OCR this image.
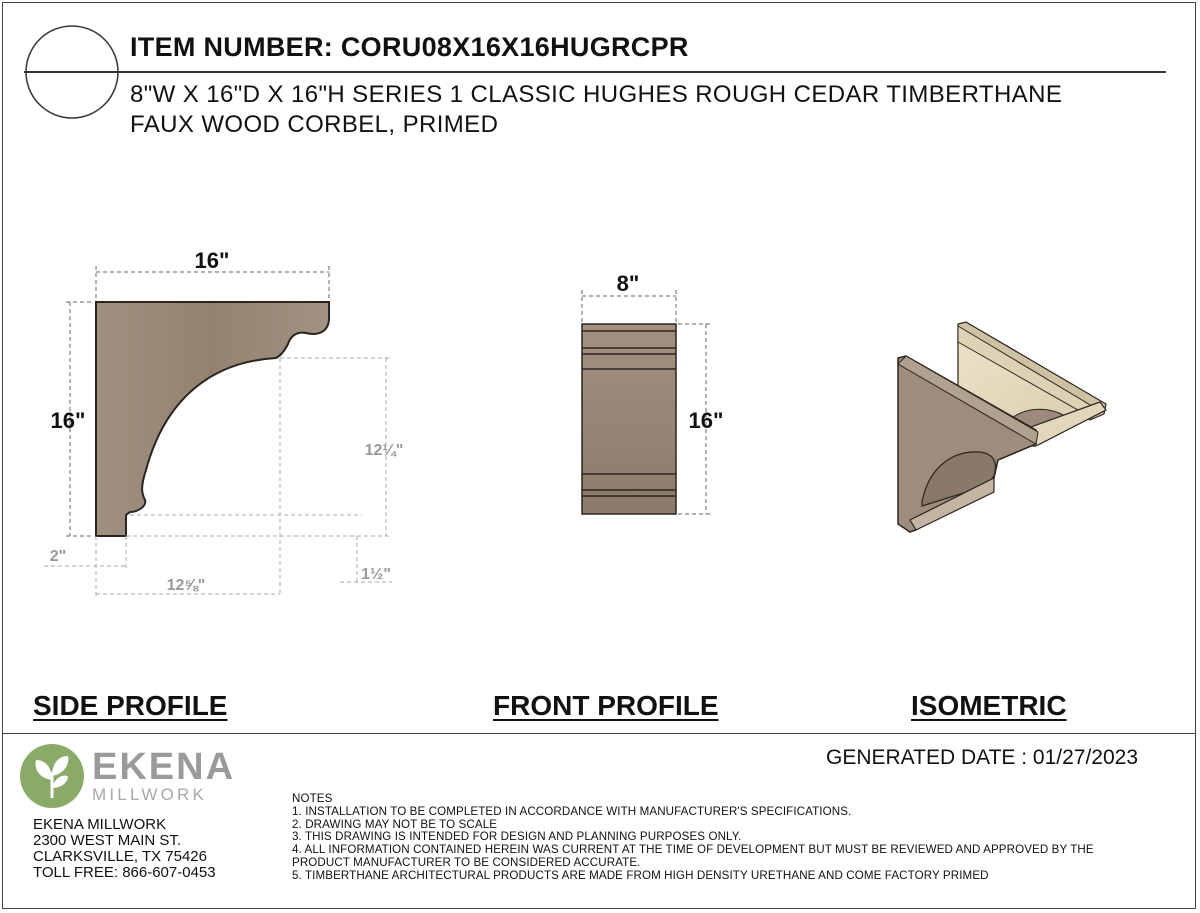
ITEM NUMBER: CORU08X16X16HUGRCPR
8"W X 16"D X 16"H SERIES 1 CLASSIC HUGHES ROUGH CEDAR TIMBERTHANE
FAUX WOOD CORBEL, PRIMED
16"
16"
12¼"
2"
12⅝"
1½"
8"
16"
SIDE PROFILE	FRONT PROFILE	ISOMETRIC
EKENA
MILLWORK
EKENA MILLWORK
2300 WEST MAIN ST.
CLARKSVILLE, TX 75426
TOLL FREE: 866-607-0453
GENERATED DATE : 01/27/2023
NOTES
1. INSTALLATION TO BE COMPLETED IN ACCORDANCE WITH MANUFACTURER'S SPECIFICATIONS.
2. DRAWING MAY NOT BE TO SCALE
3. THIS DRAWING IS INTENDED FOR DESIGN AND PLANNING PURPOSES ONLY.
4. ALL INFORMATION CONTAINED HEREIN WAS CURRENT AT THE TIME OF DEVELOPMENT BUT MUST BE REVIEWED AND APPROVED BY THE
PRODUCT MANUFACTURER TO BE CONSIDERED ACCURATE.
5. TIMBERTHANE ARCHITECTURAL PRODUCTS ARE MADE FROM HIGH DENSITY URETHANE AND COME FACTORY PRIMED
